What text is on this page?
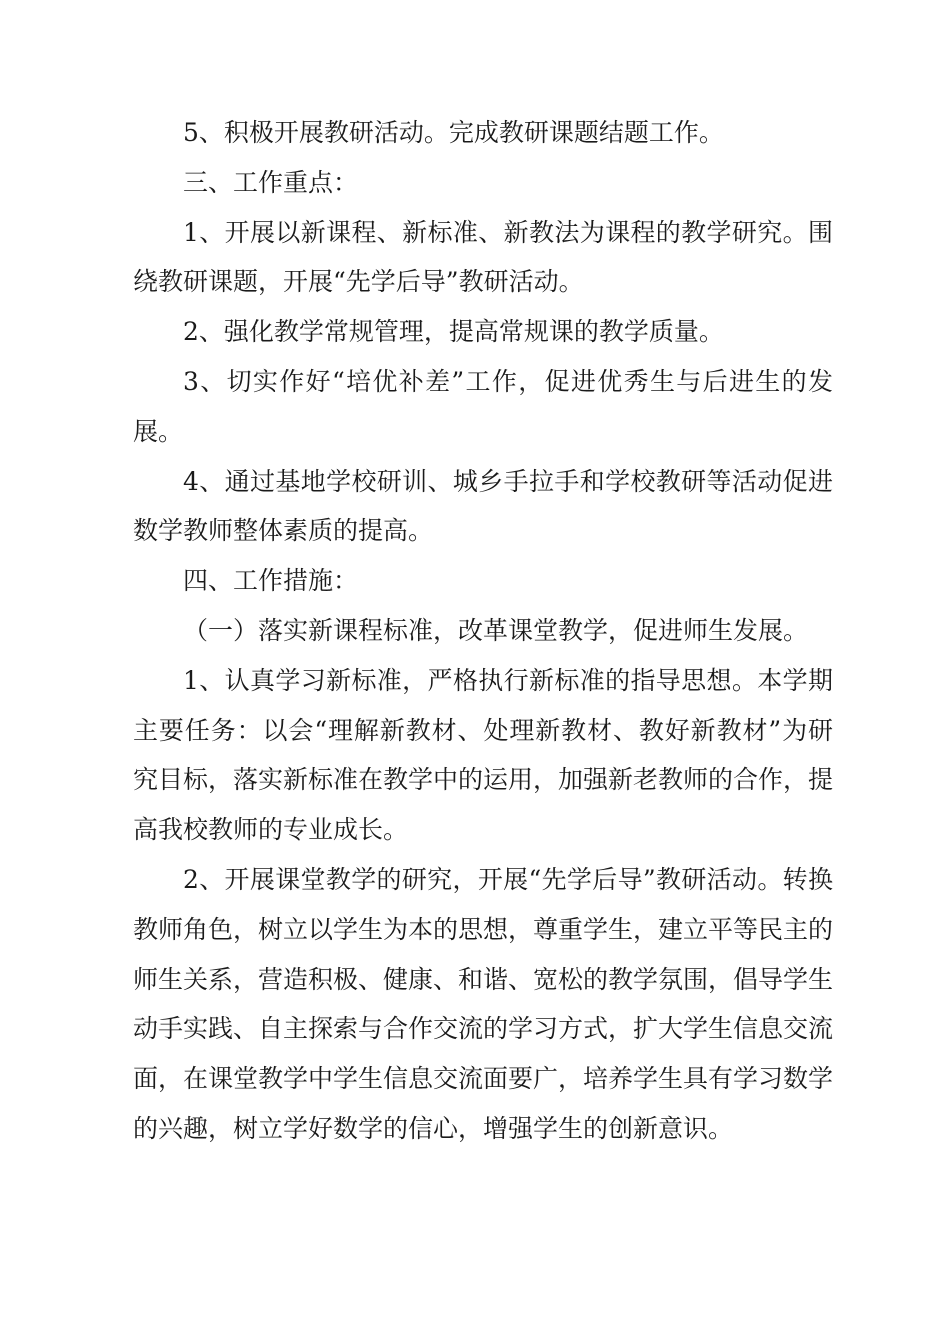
5、积极开展教研活动。完成教研课题结题工作。

三、工作重点：

1、开展以新课程、新标准、新教法为课程的教学研究。围绕教研课题，开展“先学后导”教研活动。

2、强化教学常规管理，提高常规课的教学质量。

3、切实作好“培优补差”工作，促进优秀生与后进生的发展。

4、通过基地学校研训、城乡手拉手和学校教研等活动促进数学教师整体素质的提高。

四、工作措施：

（一）落实新课程标准，改革课堂教学，促进师生发展。

1、认真学习新标准，严格执行新标准的指导思想。本学期主要任务：以会“理解新教材、处理新教材、教好新教材”为研究目标，落实新标准在教学中的运用，加强新老教师的合作，提高我校教师的专业成长。

2、开展课堂教学的研究，开展“先学后导”教研活动。转换教师角色，树立以学生为本的思想，尊重学生，建立平等民主的师生关系，营造积极、健康、和谐、宽松的教学氛围，倡导学生动手实践、自主探索与合作交流的学习方式，扩大学生信息交流面，在课堂教学中学生信息交流面要广，培养学生具有学习数学的兴趣，树立学好数学的信心，增强学生的创新意识。
